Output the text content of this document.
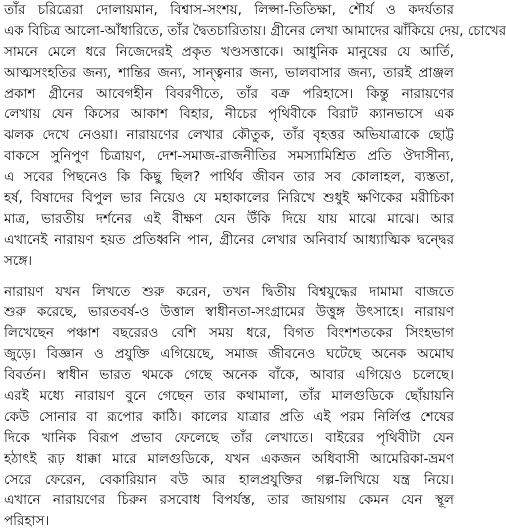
তাঁর চরিত্রেরা দোলায়মান, বিশ্বাস-সংশয়, লিপ্সা-তিতিক্ষা, শৌর্য ও কদর্যতার
এক বিচিত্র আলো-আঁধারিতে, তাঁর দ্বৈতচারিতায়। গ্রীনের লেখা আমাদের ঝাঁকিয়ে দেয়, চোখের
সামনে মেলে ধরে নিজেদেরই প্রকৃত খণ্ডসত্তাকে। আধুনিক মানুষের যে আর্তি,
আত্মসংহতির জন্য, শান্তির জন্য, সান্ত্বনার জন্য, ভালবাসার জন্য, তারই প্রাঞ্জল
প্রকাশ গ্রীনের আবেগহীন বিবরণীতে, তাঁর বক্র পরিহাসে। কিন্তু নারায়ণের
লেখায় যেন কিসের আকাশ বিহার, নীচের পৃথিবীকে বিরাট ক্যানভাসে এক
ঝলক দেখে নেওয়া। নারায়ণের লেখার কৌতুক, তাঁর বৃহত্তর অভিযাত্রাকে ছোট্ট
বাকসে সুনিপুণ চিত্রায়ণ, দেশ-সমাজ-রাজনীতির সমস্যামিশ্রিত প্রতি ঔদাসীন্য,
এ সবের পিছনেও কি কিছু ছিল? পার্থিব জীবন তার সব কোলাহল, ব্যস্ততা,
হর্ষ, বিষাদের বিপুল ভার নিয়েও যে মহাকালের নিরিখে শুধুই ক্ষণিকের মরীচিকা
মাত্র, ভারতীয় দর্শনের এই বীক্ষণ যেন উঁকি দিয়ে যায় মাঝে মাঝে। আর
এখানেই নারায়ণ হয়ত প্রতিধ্বনি পান, গ্রীনের লেখার অনিবার্য আধ্যাত্মিক দ্বন্দ্বের
সঙ্গে।
নারায়ণ যখন লিখতে শুরু করেন, তখন দ্বিতীয় বিশ্বযুদ্ধের দামামা বাজতে
শুরু করেছে, ভারতবর্ষ-ও উত্তাল স্বাধীনতা-সংগ্রামের উত্তুঙ্গ উৎসাহে। নারায়ণ
লিখেছেন পঞ্চাশ বছরেরও বেশি সময় ধরে, বিগত বিংশশতকের সিংহভাগ
জুড়ে। বিজ্ঞান ও প্রযুক্তি এগিয়েছে, সমাজ জীবনেও ঘটেছে অনেক অমোঘ
বিবর্তন। স্বাধীন ভারত থমকে গেছে অনেক বাঁকে, আবার এগিয়েও চলেছে।
এরই মধ্যে নারায়ণ বুনে গেছেন তার কথামালা, তাঁর মালগুডিকে ছোঁয়ায়নি
কেউ সোনার বা রূপোর কাঠি। কালের যাত্রার প্রতি এই পরম নির্লিপ্ত শেষের
দিকে খানিক বিরূপ প্রভাব ফেলেছে তাঁর লেখাতে। বাইরের পৃথিবীটা যেন
হঠাৎই রূঢ় ধাক্কা মারে মালগুডিকে, যখন একজন অধিবাসী আমেরিকা-ভ্রমণ
সেরে ফেরেন, বেকারিয়ান বউ আর হালপ্রযুক্তির গল্প-লিখিয়ে যন্ত্র নিয়ে।
এখানে নারায়ণের চিরুন রসবোধ বিপর্যস্ত, তার জায়গায় কেমন যেন স্থূল
পরিহাস।
